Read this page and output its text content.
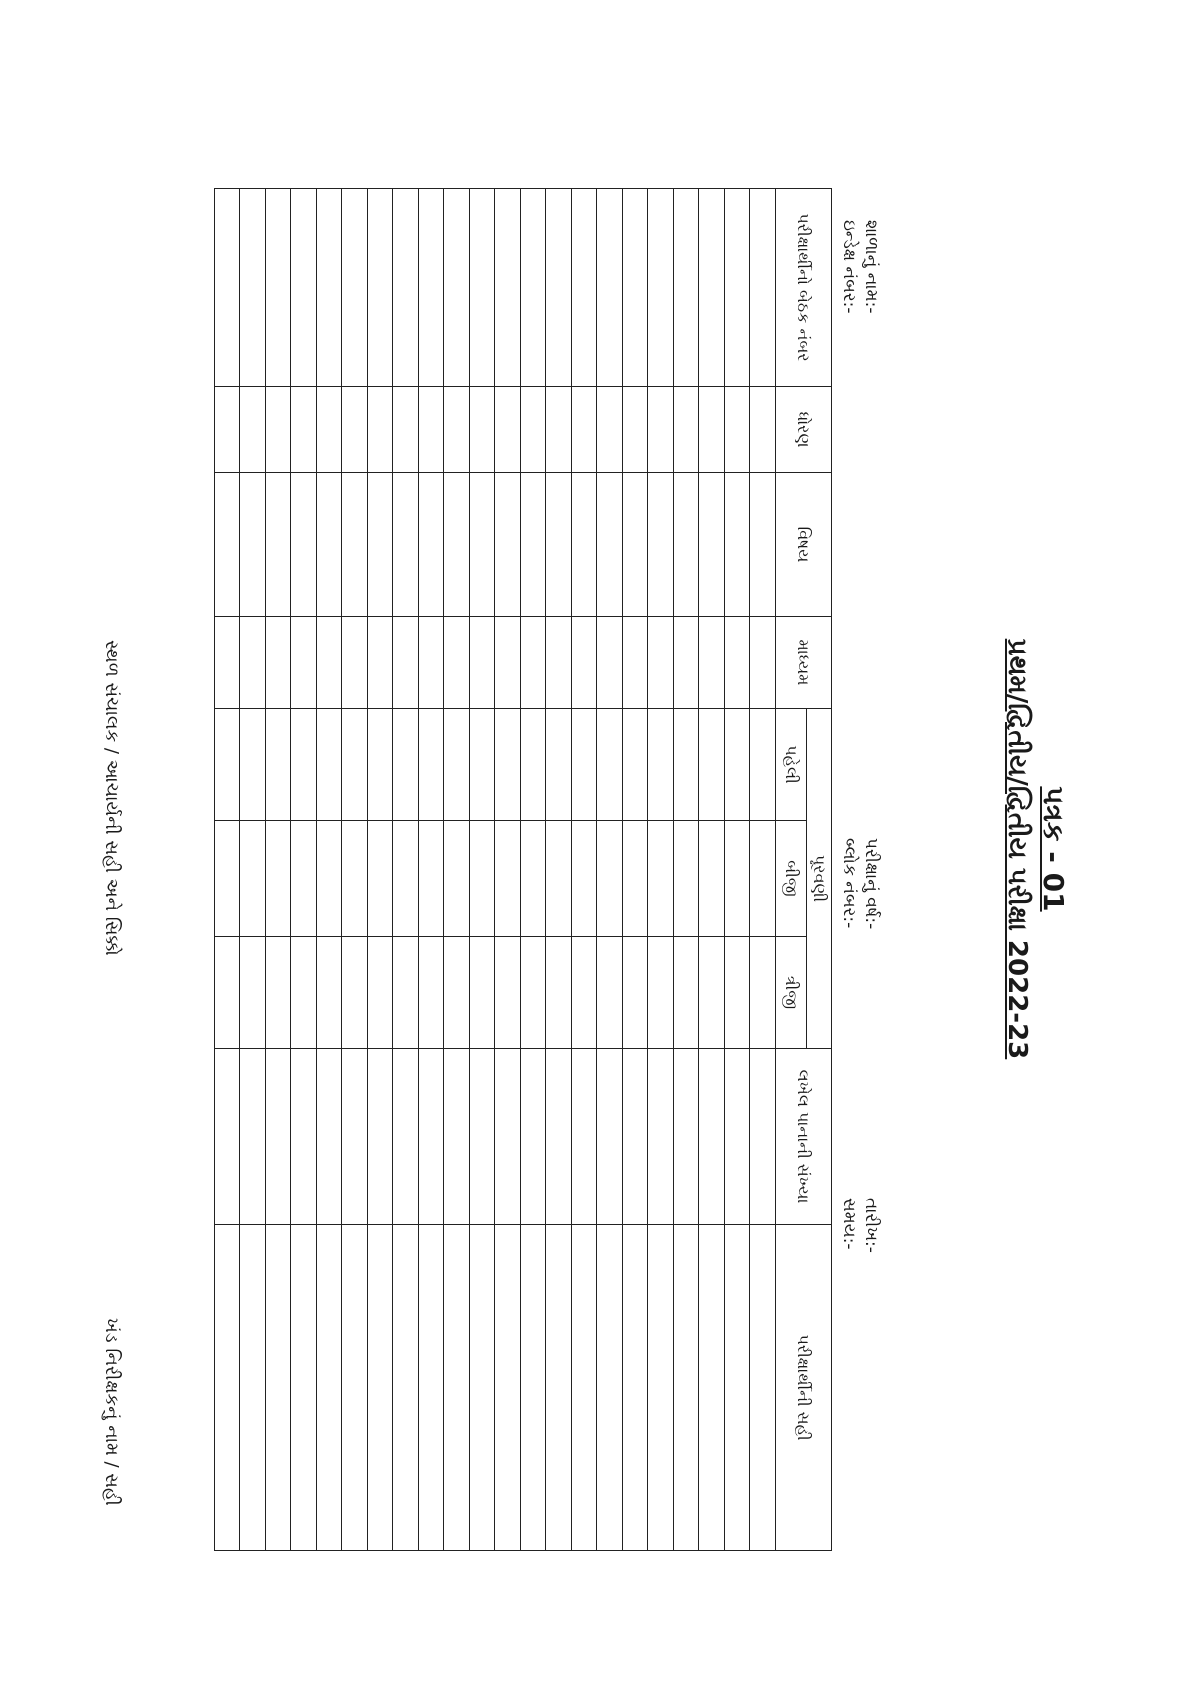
પત્રક - 01
પ્રથમ/દ્વિતીય/દ્વિતીય પરીક્ષા 2022-23
શાળાનું નામ:-
ઇન્ડેક્ષ નંબર:-
પરીક્ષાનું વર્ષ:-
બ્લોક નંબર:-
તારીખ:-
સમય:-
પરીક્ષાર્થીનો બેઠક નંબર	ધોરણ	વિષય	માધ્યમ	પૂરવણી			લખેલ પાનાની સંખ્યા	પરીક્ષાર્થીની સહી
				પહેલી	બીજી	ત્રીજી		

સ્થળ સંચાલક / આચાર્યની સહી અને સિક્કો
ખંડ નિરીક્ષકનું નામ / સહી
